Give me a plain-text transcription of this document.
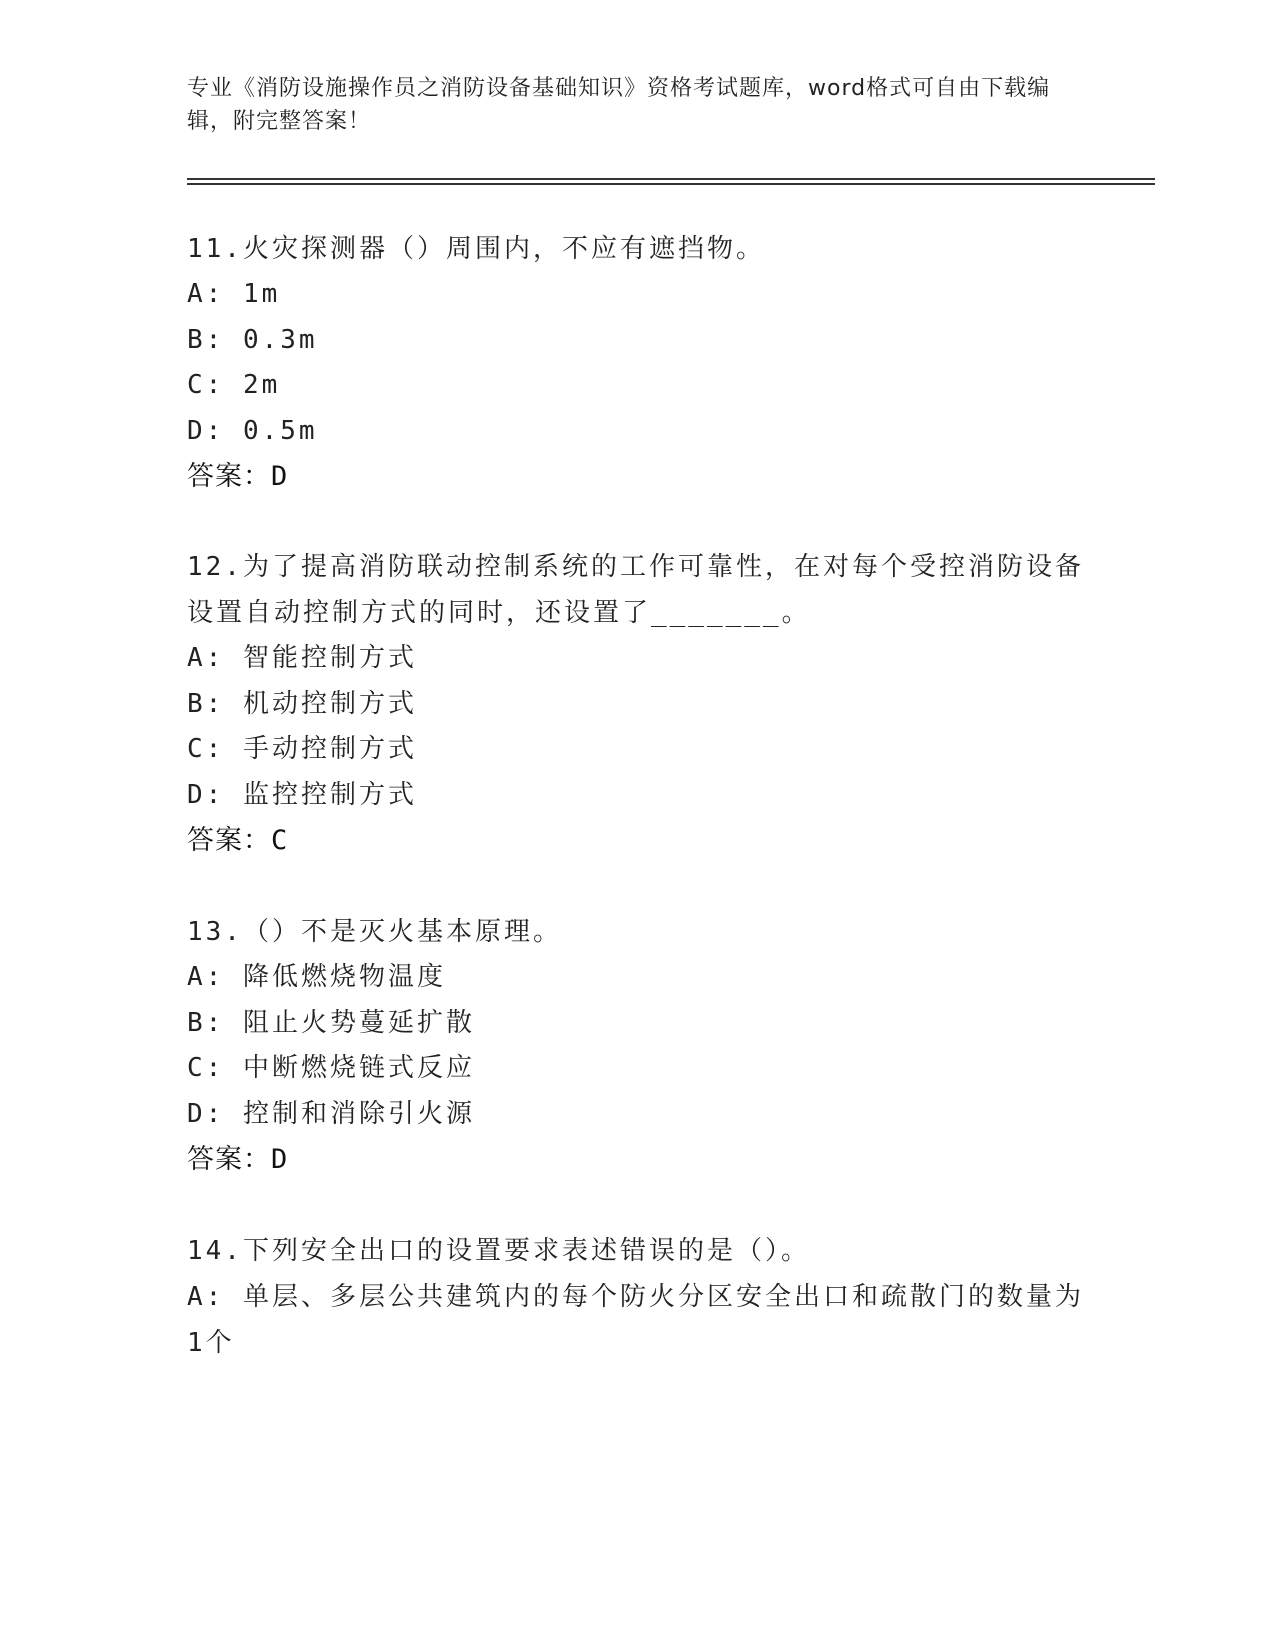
专业《消防设施操作员之消防设备基础知识》资格考试题库，word格式可自由下载编辑，附完整答案！

11.火灾探测器（）周围内，不应有遮挡物。

A: 1m

B: 0.3m

C: 2m

D: 0.5m

答案：D

12.为了提高消防联动控制系统的工作可靠性，在对每个受控消防设备设置自动控制方式的同时，还设置了_______。

A: 智能控制方式

B: 机动控制方式

C: 手动控制方式

D: 监控控制方式

答案：C

13.（）不是灭火基本原理。

A: 降低燃烧物温度

B: 阻止火势蔓延扩散

C: 中断燃烧链式反应

D: 控制和消除引火源

答案：D

14.下列安全出口的设置要求表述错误的是（）。

A: 单层、多层公共建筑内的每个防火分区安全出口和疏散门的数量为1个
